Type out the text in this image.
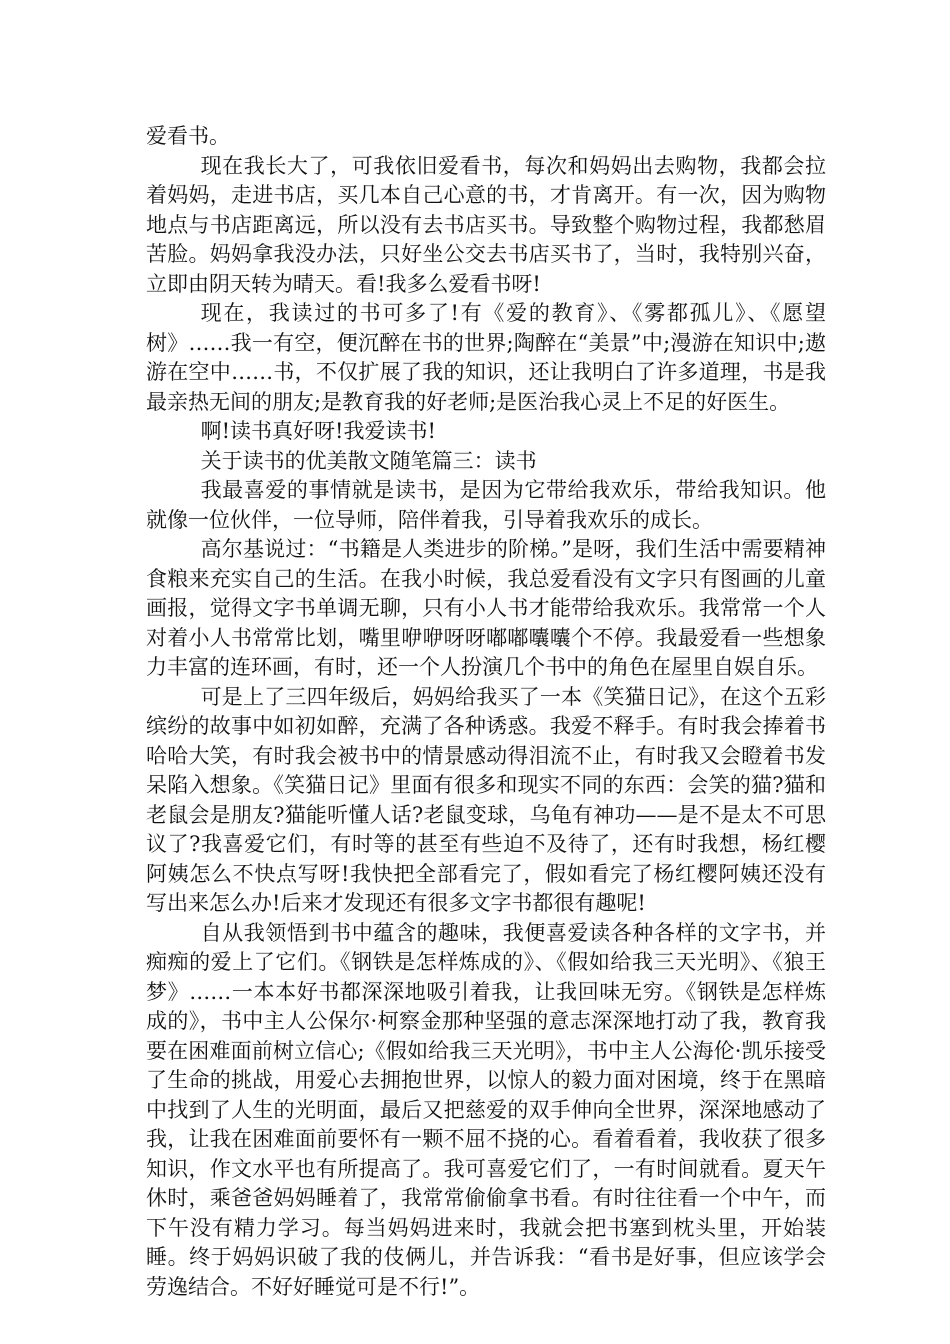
爱看书。

现在我长大了，可我依旧爱看书，每次和妈妈出去购物，我都会拉着妈妈，走进书店，买几本自己心意的书，才肯离开。有一次，因为购物地点与书店距离远，所以没有去书店买书。导致整个购物过程，我都愁眉苦脸。妈妈拿我没办法，只好坐公交去书店买书了，当时，我特别兴奋，立即由阴天转为晴天。看!我多么爱看书呀!

现在，我读过的书可多了!有《爱的教育》、《雾都孤儿》、《愿望树》……我一有空，便沉醉在书的世界;陶醉在“美景”中;漫游在知识中;遨游在空中……书，不仅扩展了我的知识，还让我明白了许多道理，书是我最亲热无间的朋友;是教育我的好老师;是医治我心灵上不足的好医生。

啊!读书真好呀!我爱读书!

关于读书的优美散文随笔篇三：读书

我最喜爱的事情就是读书，是因为它带给我欢乐，带给我知识。他就像一位伙伴，一位导师，陪伴着我，引导着我欢乐的成长。

高尔基说过：“书籍是人类进步的阶梯。”是呀，我们生活中需要精神食粮来充实自己的生活。在我小时候，我总爱看没有文字只有图画的儿童画报，觉得文字书单调无聊，只有小人书才能带给我欢乐。我常常一个人对着小人书常常比划，嘴里咿咿呀呀嘟嘟囔囔个不停。我最爱看一些想象力丰富的连环画，有时，还一个人扮演几个书中的角色在屋里自娱自乐。

可是上了三四年级后，妈妈给我买了一本《笑猫日记》，在这个五彩缤纷的故事中如初如醉，充满了各种诱惑。我爱不释手。有时我会捧着书哈哈大笑，有时我会被书中的情景感动得泪流不止，有时我又会瞪着书发呆陷入想象。《笑猫日记》里面有很多和现实不同的东西：会笑的猫?猫和老鼠会是朋友?猫能听懂人话?老鼠变球，乌龟有神功——是不是太不可思议了?我喜爱它们，有时等的甚至有些迫不及待了，还有时我想，杨红樱阿姨怎么不快点写呀!我快把全部看完了，假如看完了杨红樱阿姨还没有写出来怎么办!后来才发现还有很多文字书都很有趣呢!

自从我领悟到书中蕴含的趣味，我便喜爱读各种各样的文字书，并痴痴的爱上了它们。《钢铁是怎样炼成的》、《假如给我三天光明》、《狼王梦》……一本本好书都深深地吸引着我，让我回味无穷。《钢铁是怎样炼成的》，书中主人公保尔·柯察金那种坚强的意志深深地打动了我，教育我要在困难面前树立信心;《假如给我三天光明》，书中主人公海伦·凯乐接受了生命的挑战，用爱心去拥抱世界，以惊人的毅力面对困境，终于在黑暗中找到了人生的光明面，最后又把慈爱的双手伸向全世界，深深地感动了我，让我在困难面前要怀有一颗不屈不挠的心。看着看着，我收获了很多知识，作文水平也有所提高了。我可喜爱它们了，一有时间就看。夏天午休时，乘爸爸妈妈睡着了，我常常偷偷拿书看。有时往往看一个中午，而下午没有精力学习。每当妈妈进来时，我就会把书塞到枕头里，开始装睡。终于妈妈识破了我的伎俩儿，并告诉我：“看书是好事，但应该学会劳逸结合。不好好睡觉可是不行!”。
